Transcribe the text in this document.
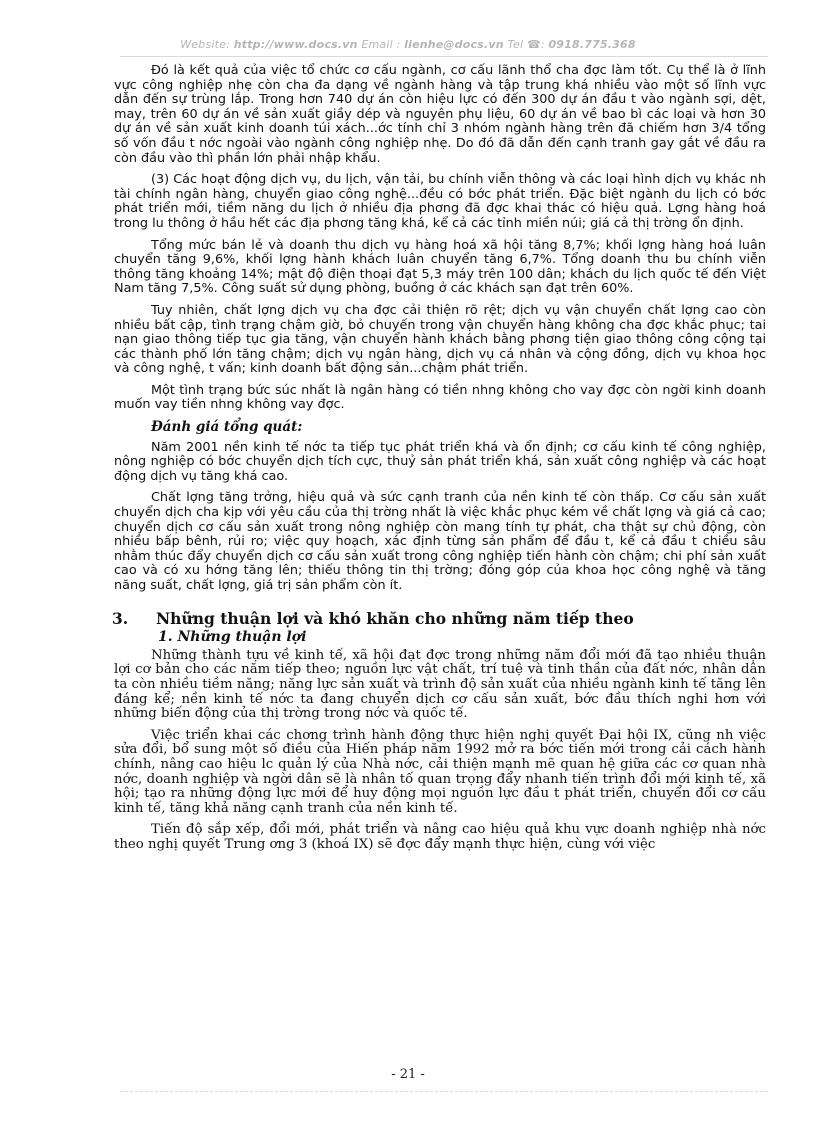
Website: http://www.docs.vn Email : lienhe@docs.vn Tel ☎: 0918.775.368

Đó là kết quả của việc tổ chức cơ cấu ngành, cơ cấu lãnh thổ cha đợc làm tốt. Cụ thể là ở lĩnh vực công nghiệp nhẹ còn cha đa dạng về ngành hàng và tập trung khá nhiều vào một số lĩnh vực dẫn đến sự trùng lắp. Trong hơn 740 dự án còn hiệu lực có đến 300 dự án đầu t vào ngành sợi, dệt, may, trên 60 dự án về sản xuất giầy dép và nguyên phụ liệu, 60 dự án về bao bì các loại và hơn 30 dự án về sản xuất kinh doanh túi xách...ớc tính chỉ 3 nhóm ngành hàng trên đã chiếm hơn 3/4 tổng số vốn đầu t nớc ngoài vào ngành công nghiệp nhẹ. Do đó đã dẫn đến cạnh tranh gay gắt về đầu ra còn đầu vào thì phần lớn phải nhập khẩu.

(3) Các hoạt động dịch vụ, du lịch, vận tải, bu chính viễn thông và các loại hình dịch vụ khác nh tài chính ngân hàng, chuyển giao công nghệ...đều có bớc phát triển. Đặc biệt ngành du lịch có bớc phát triển mới, tiềm năng du lịch ở nhiều địa phơng đã đợc khai thác có hiệu quả. Lợng hàng hoá trong lu thông ở hầu hết các địa phơng tăng khá, kể cả các tỉnh miền núi; giá cả thị trờng ổn định.

Tổng mức bán lẻ và doanh thu dịch vụ hàng hoá xã hội tăng 8,7%; khối lợng hàng hoá luân chuyển tăng 9,6%, khối lợng hành khách luân chuyển tăng 6,7%. Tổng doanh thu bu chính viễn thông tăng khoảng 14%; mật độ điện thoại đạt 5,3 máy trên 100 dân; khách du lịch quốc tế đến Việt Nam tăng 7,5%. Công suất sử dụng phòng, buồng ở các khách sạn đạt trên 60%.

Tuy nhiên, chất lợng dịch vụ cha đợc cải thiện rõ rệt; dịch vụ vận chuyển chất lợng cao còn nhiều bất cập, tình trạng chậm giờ, bỏ chuyến trong vận chuyển hàng không cha đợc khắc phục; tai nạn giao thông tiếp tục gia tăng, vận chuyển hành khách bằng phơng tiện giao thông công cộng tại các thành phố lớn tăng chậm; dịch vụ ngân hàng, dịch vụ cá nhân và cộng đồng, dịch vụ khoa học và công nghệ, t vấn; kinh doanh bất động sản...chậm phát triển.

Một tình trạng bức súc nhất là ngân hàng có tiền nhng không cho vay đợc còn ngời kinh doanh muốn vay tiền nhng không vay đợc.

Đánh giá tổng quát:

Năm 2001 nền kinh tế nớc ta tiếp tục phát triển khá và ổn định; cơ cấu kinh tế công nghiệp, nông nghiệp có bớc chuyển dịch tích cực, thuỷ sản phát triển khá, sản xuất công nghiệp và các hoạt động dịch vụ tăng khá cao.

Chất lợng tăng trởng, hiệu quả và sức cạnh tranh của nền kinh tế còn thấp. Cơ cấu sản xuất chuyển dịch cha kịp với yêu cầu của thị trờng nhất là việc khắc phục kém về chất lợng và giá cả cao; chuyển dịch cơ cấu sản xuất trong nông nghiệp còn mang tính tự phát, cha thật sự chủ động, còn nhiều bấp bênh, rủi ro; việc quy hoạch, xác định từng sản phẩm để đầu t, kể cả đầu t chiều sâu nhằm thúc đẩy chuyển dịch cơ cấu sản xuất trong công nghiệp tiến hành còn chậm; chi phí sản xuất cao và có xu hớng tăng lên; thiếu thông tin thị trờng; đóng góp của khoa học công nghệ và tăng năng suất, chất lợng, giá trị sản phẩm còn ít.

3.	Những thuận lợi và khó khăn cho những năm tiếp theo
1. Những thuận lợi

Những thành tựu về kinh tế, xã hội đạt đợc trong những năm đổi mới đã tạo nhiều thuận lợi cơ bản cho các năm tiếp theo; nguồn lực vật chất, trí tuệ và tinh thần của đất nớc, nhân dân ta còn nhiều tiềm năng; năng lực sản xuất và trình độ sản xuất của nhiều ngành kinh tế tăng lên đáng kể; nền kinh tế nớc ta đang chuyển dịch cơ cấu sản xuất, bớc đầu thích nghi hơn với những biến động của thị trờng trong nớc và quốc tế.

Việc triển khai các chơng trình hành động thực hiện nghị quyết Đại hội IX, cũng nh việc sửa đổi, bổ sung một số điều của Hiến pháp năm 1992 mở ra bớc tiến mới trong cải cách hành chính, nâng cao hiệu lc quản lý của Nhà nớc, cải thiện mạnh mẽ quan hệ giữa các cơ quan nhà nớc, doanh nghiệp và ngời dân sẽ là nhân tố quan trọng đẩy nhanh tiến trình đổi mới kinh tế, xã hội; tạo ra những động lực mới để huy động mọi nguồn lực đầu t phát triển, chuyển đổi cơ cấu kinh tế, tăng khả năng cạnh tranh của nền kinh tế.

Tiến độ sắp xếp, đổi mới, phát triển và nâng cao hiệu quả khu vực doanh nghiệp nhà nớc theo nghị quyết Trung ơng 3 (khoá IX) sẽ đợc đẩy mạnh thực hiện, cùng với việc

- 21 -
